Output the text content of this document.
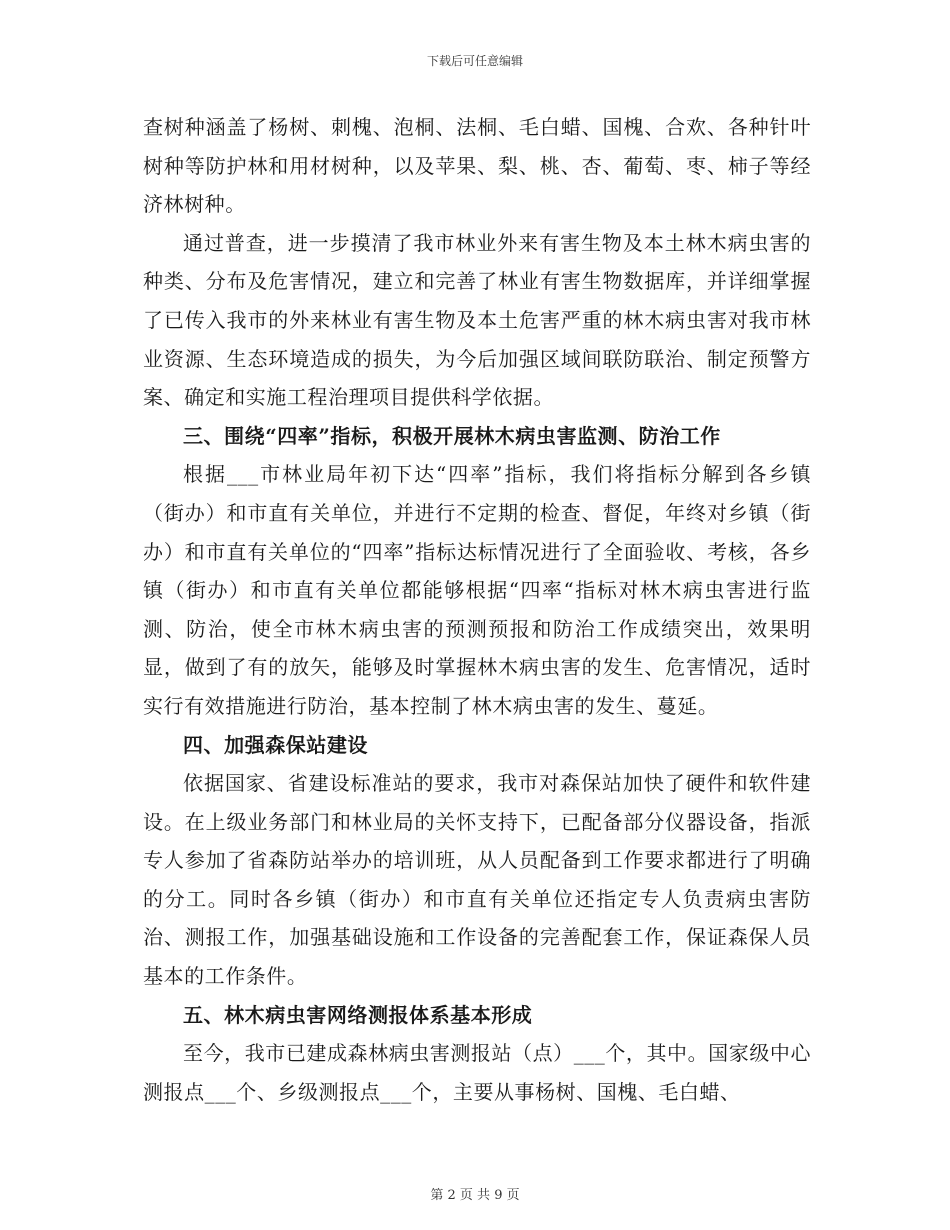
下载后可任意编辑

查树种涵盖了杨树、刺槐、泡桐、法桐、毛白蜡、国槐、合欢、各种针叶树种等防护林和用材树种，以及苹果、梨、桃、杏、葡萄、枣、柿子等经济林树种。

通过普查，进一步摸清了我市林业外来有害生物及本土林木病虫害的种类、分布及危害情况，建立和完善了林业有害生物数据库，并详细掌握了已传入我市的外来林业有害生物及本土危害严重的林木病虫害对我市林业资源、生态环境造成的损失，为今后加强区域间联防联治、制定预警方案、确定和实施工程治理项目提供科学依据。

三、围绕“四率”指标，积极开展林木病虫害监测、防治工作

根据___市林业局年初下达“四率”指标，我们将指标分解到各乡镇（街办）和市直有关单位，并进行不定期的检查、督促，年终对乡镇（街办）和市直有关单位的“四率”指标达标情况进行了全面验收、考核，各乡镇（街办）和市直有关单位都能够根据“四率“指标对林木病虫害进行监测、防治，使全市林木病虫害的预测预报和防治工作成绩突出，效果明显，做到了有的放矢，能够及时掌握林木病虫害的发生、危害情况，适时实行有效措施进行防治，基本控制了林木病虫害的发生、蔓延。

四、加强森保站建设

依据国家、省建设标准站的要求，我市对森保站加快了硬件和软件建设。在上级业务部门和林业局的关怀支持下，已配备部分仪器设备，指派专人参加了省森防站举办的培训班，从人员配备到工作要求都进行了明确的分工。同时各乡镇（街办）和市直有关单位还指定专人负责病虫害防治、测报工作，加强基础设施和工作设备的完善配套工作，保证森保人员基本的工作条件。

五、林木病虫害网络测报体系基本形成

至今，我市已建成森林病虫害测报站（点）___个，其中。国家级中心测报点___个、乡级测报点___个，主要从事杨树、国槐、毛白蜡、

第 2 页 共 9 页
